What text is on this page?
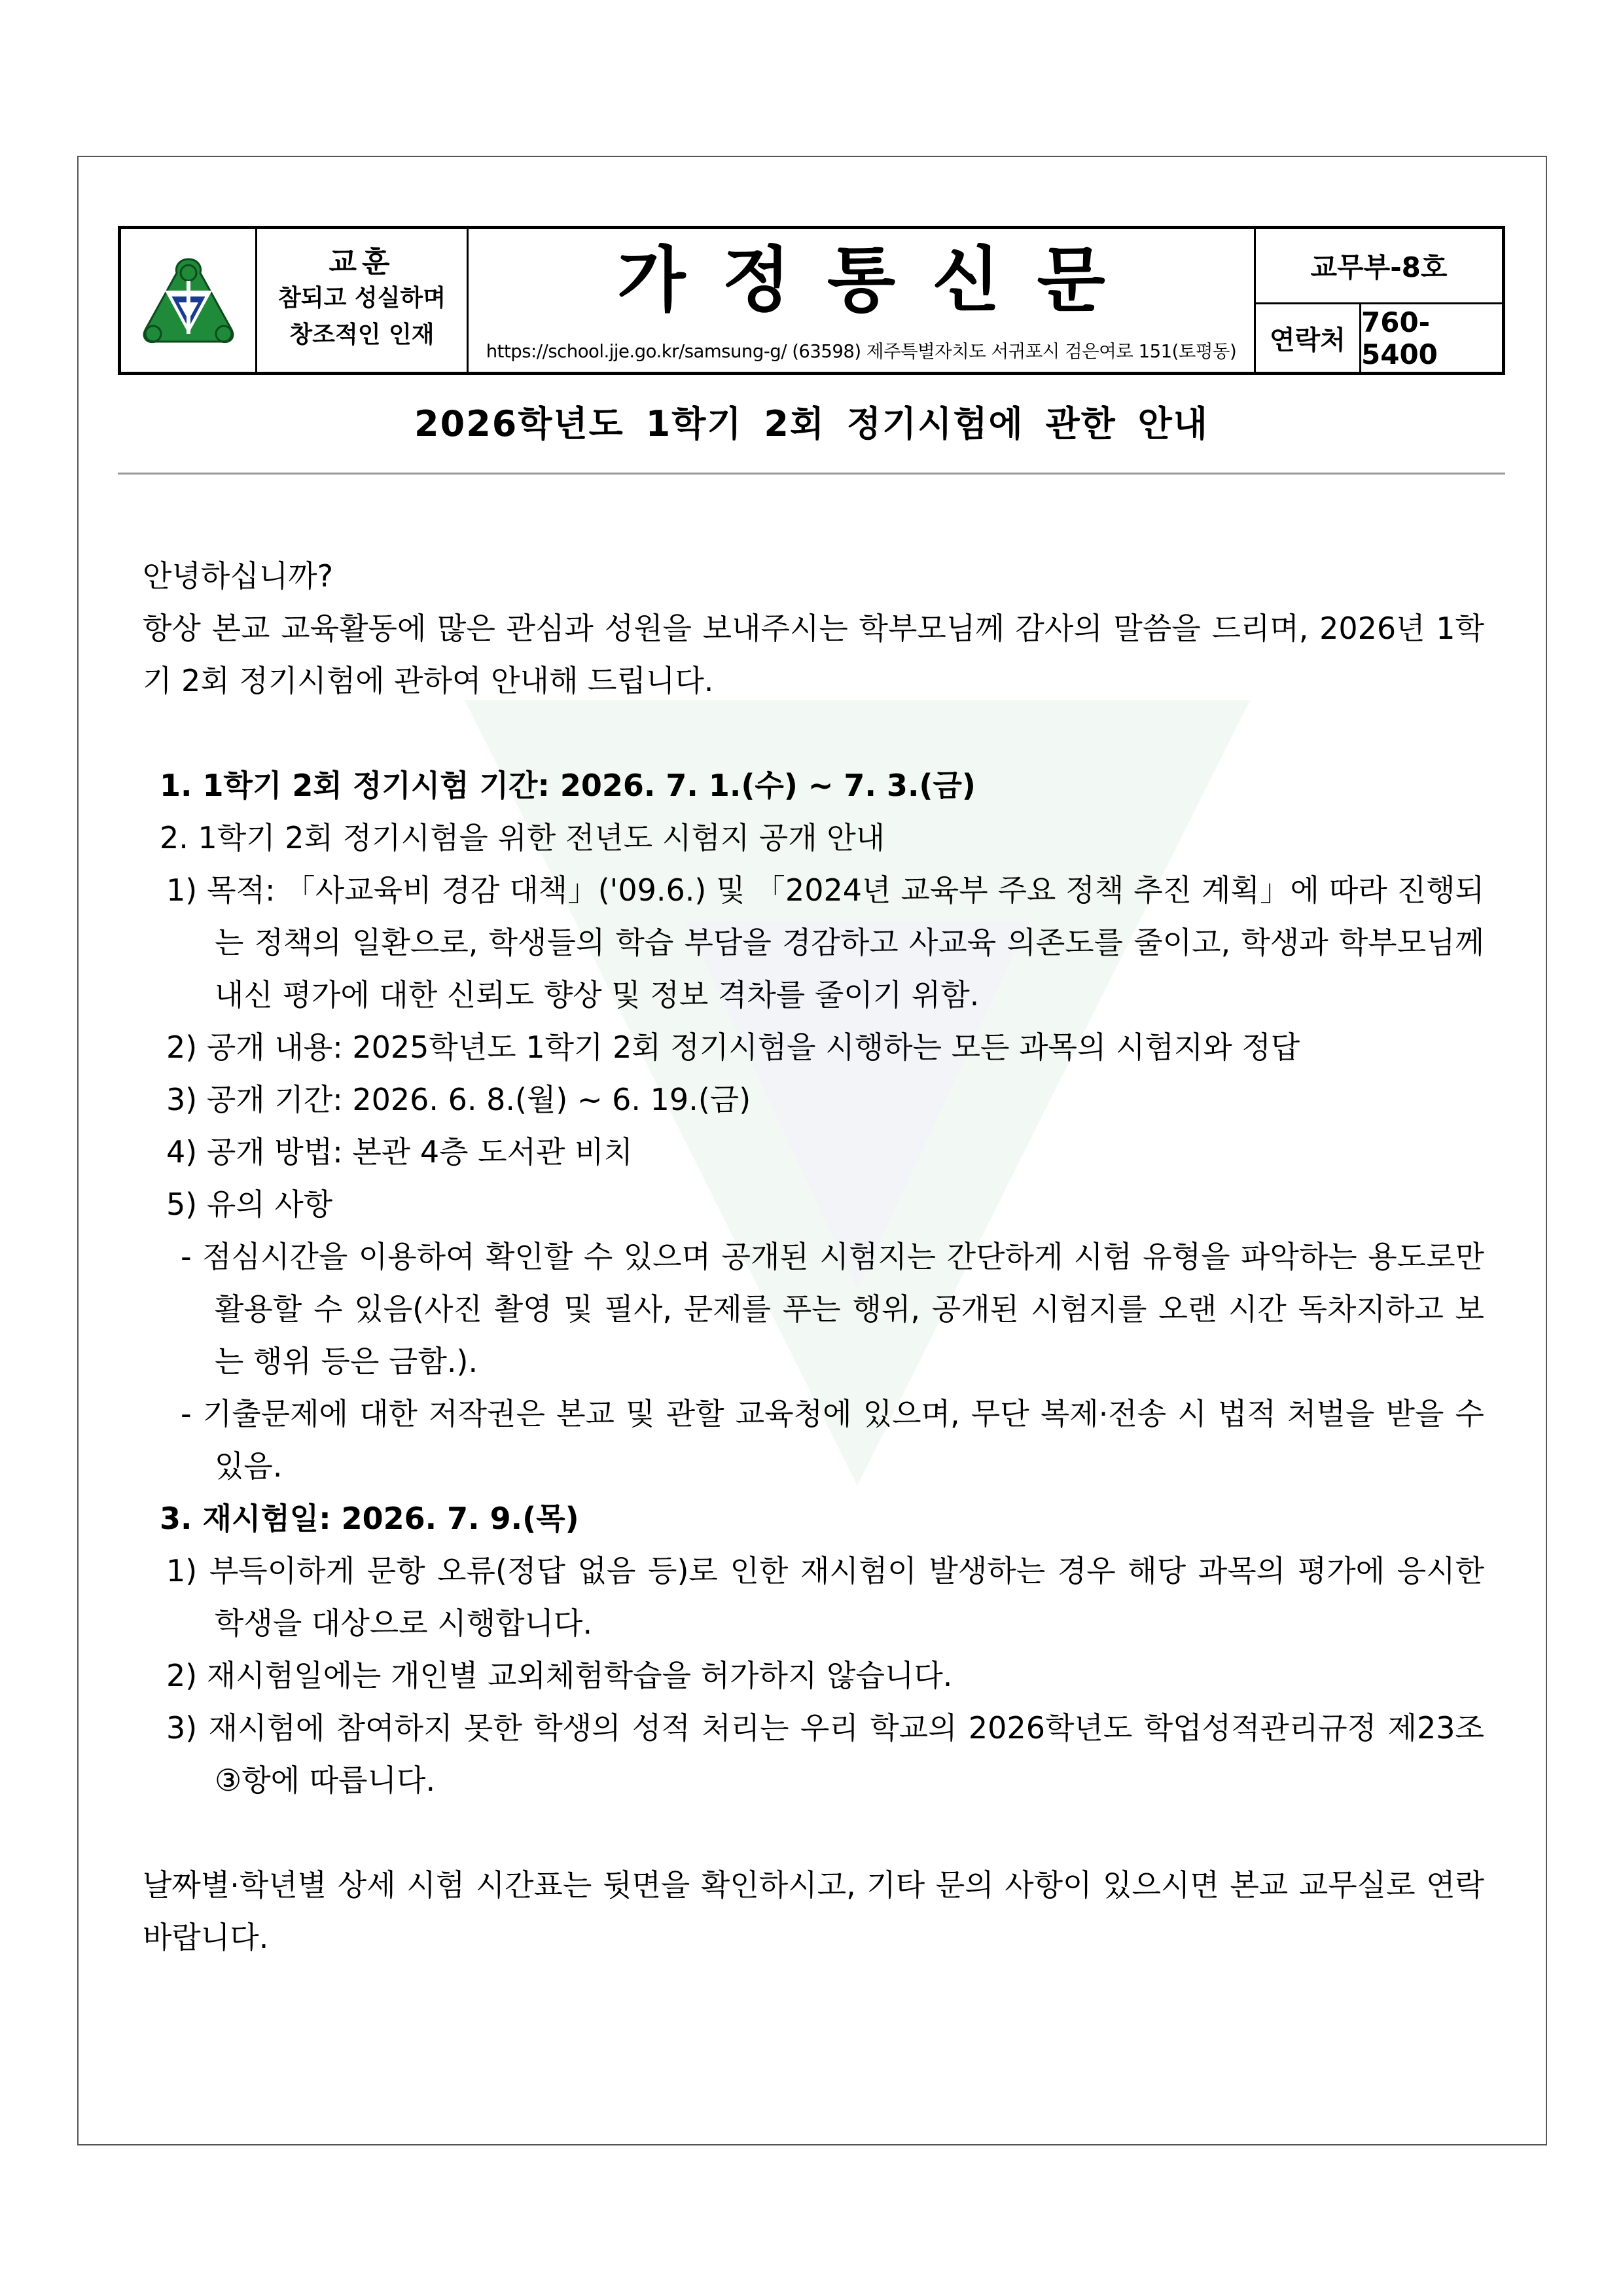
교훈
참되고 성실하며
창조적인 인재
가정통신문
https://school.jje.go.kr/samsung-g/ (63598) 제주특별자치도 서귀포시 검은여로 151(토평동)
교무부-8호
연락처
760-5400
2026학년도 1학기 2회 정기시험에 관한 안내
안녕하십니까?
항상 본교 교육활동에 많은 관심과 성원을 보내주시는 학부모님께 감사의 말씀을 드리며, 2026년 1학기 2회 정기시험에 관하여 안내해 드립니다.
1. 1학기 2회 정기시험 기간: 2026. 7. 1.(수) ~ 7. 3.(금)
2. 1학기 2회 정기시험을 위한 전년도 시험지 공개 안내
1) 목적: 「사교육비 경감 대책」('09.6.) 및 「2024년 교육부 주요 정책 추진 계획」에 따라 진행되는 정책의 일환으로, 학생들의 학습 부담을 경감하고 사교육 의존도를 줄이고, 학생과 학부모님께 내신 평가에 대한 신뢰도 향상 및 정보 격차를 줄이기 위함.
2) 공개 내용: 2025학년도 1학기 2회 정기시험을 시행하는 모든 과목의 시험지와 정답
3) 공개 기간: 2026. 6. 8.(월) ~ 6. 19.(금)
4) 공개 방법: 본관 4층 도서관 비치
5) 유의 사항
- 점심시간을 이용하여 확인할 수 있으며 공개된 시험지는 간단하게 시험 유형을 파악하는 용도로만 활용할 수 있음(사진 촬영 및 필사, 문제를 푸는 행위, 공개된 시험지를 오랜 시간 독차지하고 보는 행위 등은 금함.).
- 기출문제에 대한 저작권은 본교 및 관할 교육청에 있으며, 무단 복제·전송 시 법적 처벌을 받을 수 있음.
3. 재시험일: 2026. 7. 9.(목)
1) 부득이하게 문항 오류(정답 없음 등)로 인한 재시험이 발생하는 경우 해당 과목의 평가에 응시한 학생을 대상으로 시행합니다.
2) 재시험일에는 개인별 교외체험학습을 허가하지 않습니다.
3) 재시험에 참여하지 못한 학생의 성적 처리는 우리 학교의 2026학년도 학업성적관리규정 제23조 ③항에 따릅니다.
날짜별·학년별 상세 시험 시간표는 뒷면을 확인하시고, 기타 문의 사항이 있으시면 본교 교무실로 연락 바랍니다.
